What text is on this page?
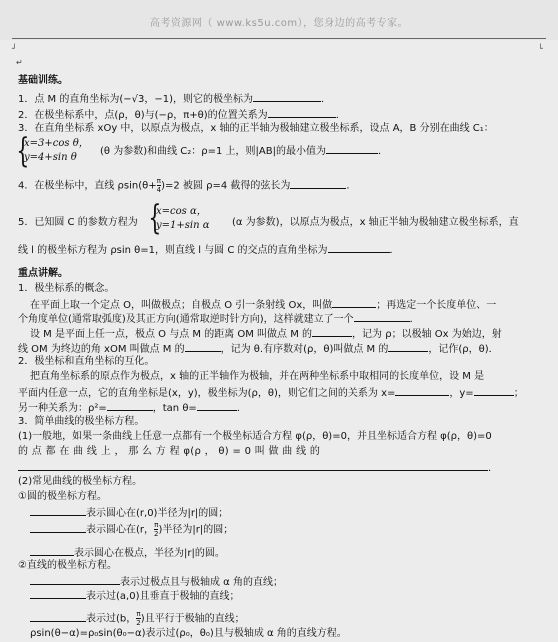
高考资源网（ www.ks5u.com），您身边的高考专家。
┘	└
↵
基础训练。
1．点 M 的直角坐标为(−√3，−1)，则它的极坐标为	．
2．在极坐标系中，点(ρ，θ)与(−ρ，π+θ)的位置关系为	．
3．在直角坐标系 xOy 中，以原点为极点，x 轴的正半轴为极轴建立极坐标系，设点 A，B 分别在曲线 C₁：
{
x=3+cos θ，
y=4+sin θ
(θ 为参数)和曲线 C₂：ρ=1 上，则|AB|的最小值为	．
4．在极坐标中，直线 $\rho\sin(\theta+ \frac{\pi}{4} )=2$ 被圆 ρ=4 截得的弦长为	．
5．已知圆 C 的参数方程为 {
x=cos α，
y=1+sin α (α 为参数)，以原点为极点，x 轴正半轴为极轴建立极坐标系，直
线 l 的极坐标方程为 ρsin θ=1，则直线 l 与圆 C 的交点的直角坐标为	．
重点讲解。
1．极坐标系的概念。
在平面上取一个定点 O，叫做极点；自极点 O 引一条射线 Ox，叫做	；再选定一个长度单位、一
个角度单位(通常取弧度)及其正方向(通常取逆时针方向)，这样就建立了一个	．
设 M 是平面上任一点，极点 O 与点 M 的距离 OM 叫做点 M 的	，记为 ρ；以极轴 Ox 为始边，射
线 OM 为终边的角 xOM 叫做点 M 的	，记为 θ.有序数对(ρ，θ)叫做点 M 的	，记作(ρ，θ)．
2．极坐标和直角坐标的互化。
把直角坐标系的原点作为极点，x 轴的正半轴作为极轴，并在两种坐标系中取相同的长度单位，设 M 是
平面内任意一点，它的直角坐标是(x，y)，极坐标为(ρ，θ)，则它们之间的关系为 x=	，y=	；
另一种关系为：ρ²=	，tan θ=	．
3．简单曲线的极坐标方程。
(1)一般地，如果一条曲线上任意一点都有一个极坐标适合方程 φ(ρ，θ)=0，并且坐标适合方程 φ(ρ，θ)=0
的 点 都 在 曲 线 上 ， 那 么 方 程 φ(ρ ， θ) = 0 叫 做 曲 线 的
．
(2)常见曲线的极坐标方程。
①圆的极坐标方程。
表示圆心在(r,0)半径为|r|的圆；
表示圆心在(r， $\frac{\pi}{2}$ )半径为|r|的圆；
表示圆心在极点，半径为|r|的圆。
②直线的极坐标方程。
表示过极点且与极轴成 α 角的直线；
表示过(a,0)且垂直于极轴的直线；
表示过(b， $\frac{\pi}{2}$ )且平行于极轴的直线；
ρsin(θ−α)=ρ₀sin(θ₀−α)表示过(ρ₀，θ₀)且与极轴成 α 角的直线方程。
